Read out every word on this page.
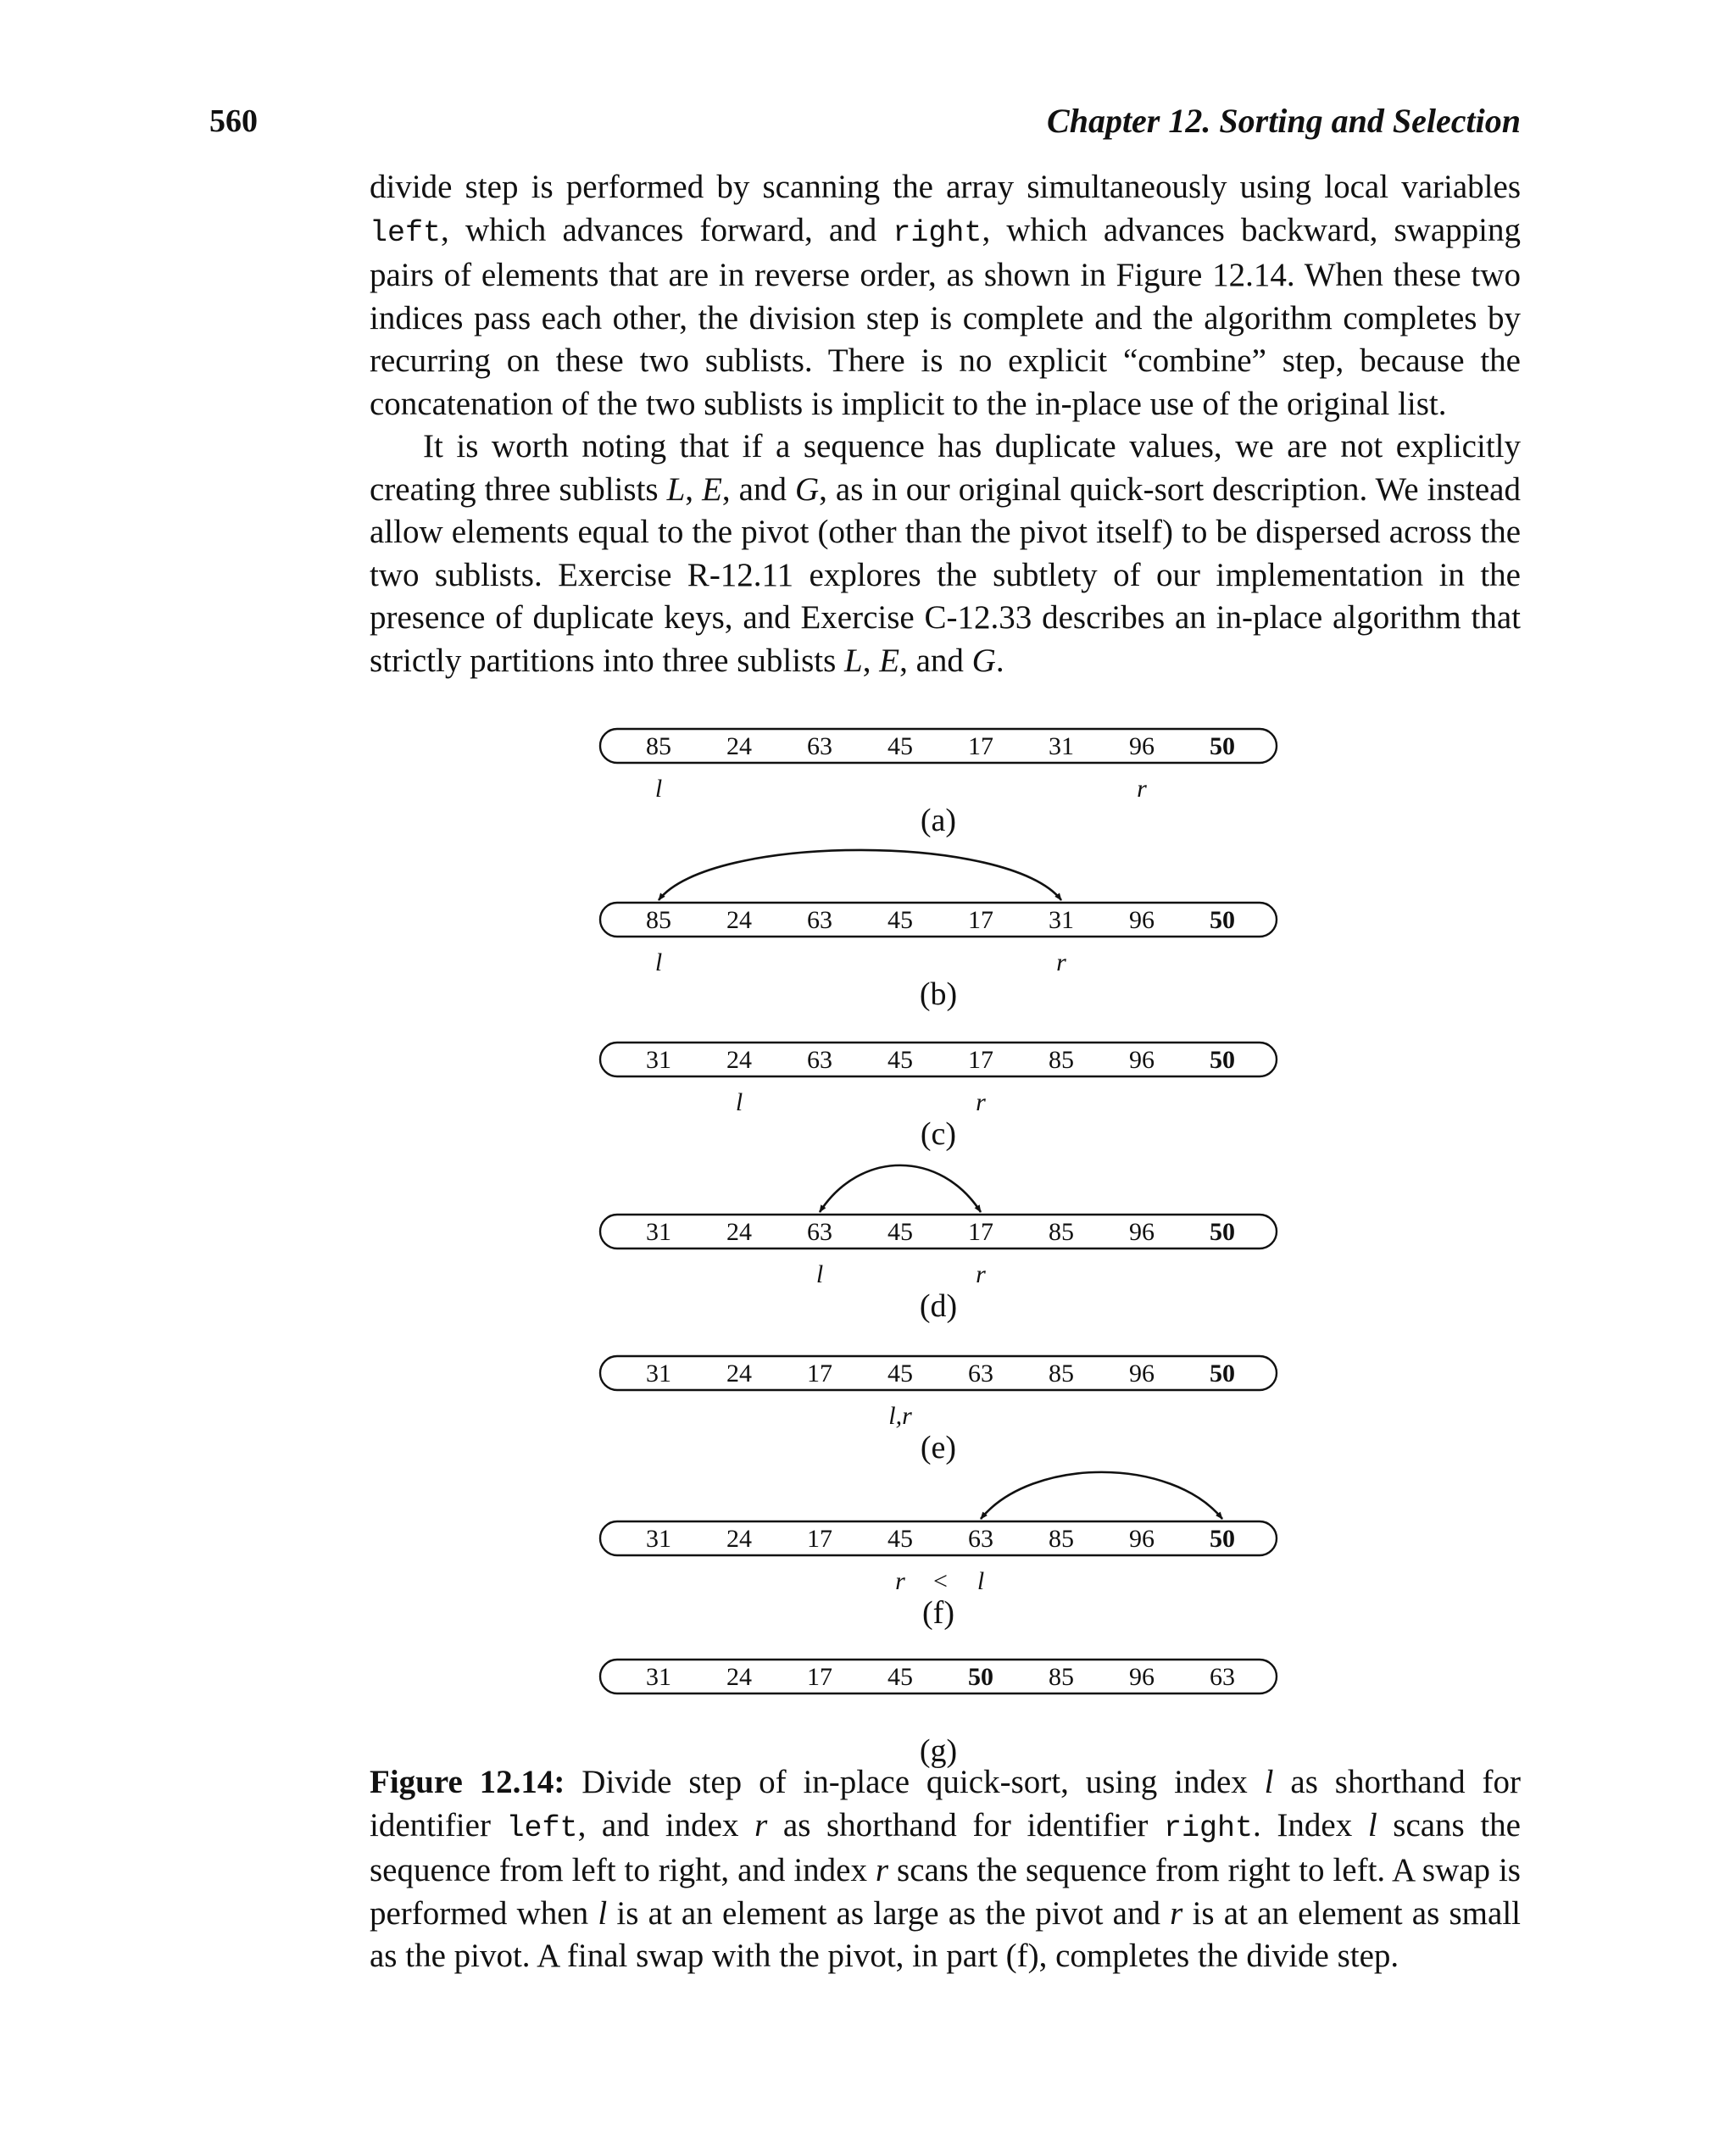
560	Chapter 12. Sorting and Selection

divide step is performed by scanning the array simultaneously using local variables left, which advances forward, and right, which advances backward, swapping pairs of elements that are in reverse order, as shown in Figure 12.14. When these two indices pass each other, the division step is complete and the algorithm completes by recurring on these two sublists. There is no explicit “combine” step, because the concatenation of the two sublists is implicit to the in-place use of the original list.

It is worth noting that if a sequence has duplicate values, we are not explicitly creating three sublists L, E, and G, as in our original quick-sort description. We instead allow elements equal to the pivot (other than the pivot itself) to be dispersed across the two sublists. Exercise R-12.11 explores the subtlety of our implementation in the presence of duplicate keys, and Exercise C-12.33 describes an in-place algorithm that strictly partitions into three sublists L, E, and G.

85 24 63 45 17 31 96 50
l	r
(a)
85 24 63 45 17 31 96 50
l	r
(b)
31 24 63 45 17 85 96 50
l	r
(c)
31 24 63 45 17 85 96 50
l	r
(d)
31 24 17 45 63 85 96 50
l,r
(e)
31 24 17 45 63 85 96 50
r < l
(f)
31 24 17 45 50 85 96 63
(g)
Figure 12.14: Divide step of in-place quick-sort, using index l as shorthand for identifier left, and index r as shorthand for identifier right. Index l scans the sequence from left to right, and index r scans the sequence from right to left. A swap is performed when l is at an element as large as the pivot and r is at an element as small as the pivot. A final swap with the pivot, in part (f), completes the divide step.
